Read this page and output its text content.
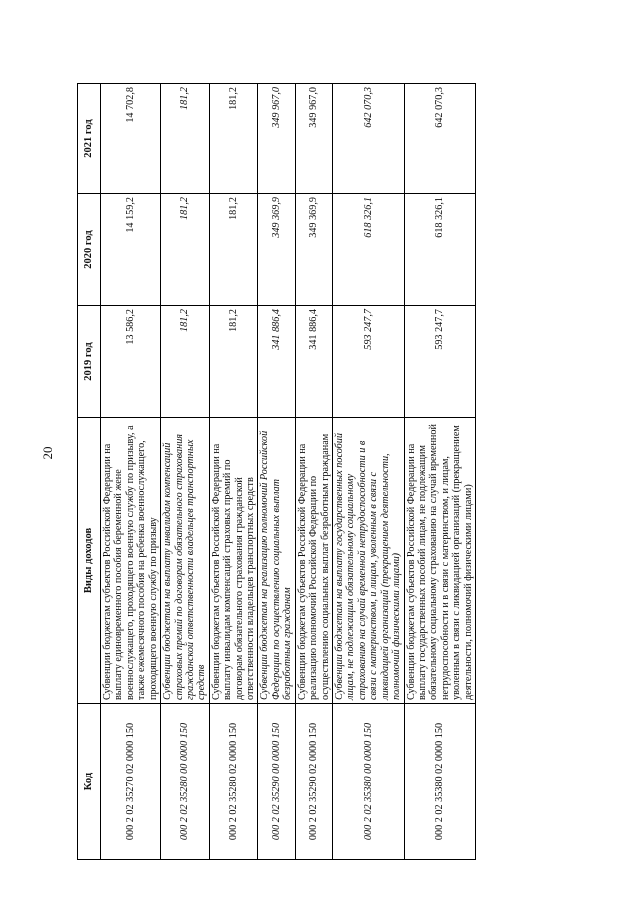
20
Код	Виды доходов	2019 год	2020 год	2021 год
000 2 02 35270 02 0000 150	Субвенции бюджетам субъектов Российской Федерации на выплату единовременного пособия беременной жене военнослужащего, проходящего военную службу по призыву, а также ежемесячного пособия на ребенка военнослужащего, проходящего военную службу по призыву	13 586,2	14 159,2	14 702,8
000 2 02 35280 00 0000 150	Субвенции бюджетам на выплату инвалидам компенсаций страховых премий по договорам обязательного страхования гражданской ответственности владельцев транспортных средств	181,2	181,2	181,2
000 2 02 35280 02 0000 150	Субвенции бюджетам субъектов Российской Федерации на выплату инвалидам компенсаций страховых премий по договорам обязательного страхования гражданской ответственности владельцев транспортных средств	181,2	181,2	181,2
000 2 02 35290 00 0000 150	Субвенции бюджетам на реализацию полномочий Российской Федерации по осуществлению социальных выплат безработным гражданам	341 886,4	349 369,9	349 967,0
000 2 02 35290 02 0000 150	Субвенции бюджетам субъектов Российской Федерации на реализацию полномочий Российской Федерации по осуществлению социальных выплат безработным гражданам	341 886,4	349 369,9	349 967,0
000 2 02 35380 00 0000 150	Субвенции бюджетам на выплату государственных пособий лицам, не подлежащим обязательному социальному страхованию на случай временной нетрудоспособности и в связи с материнством, и лицам, уволенным в связи с ликвидацией организаций (прекращением деятельности, полномочий физическими лицами)	593 247,7	618 326,1	642 070,3
000 2 02 35380 02 0000 150	Субвенции бюджетам субъектов Российской Федерации на выплату государственных пособий лицам, не подлежащим обязательному социальному страхованию на случай временной нетрудоспособности и в связи с материнством, и лицам, уволенным в связи с ликвидацией организаций (прекращением деятельности, полномочий физическими лицами)	593 247,7	618 326,1	642 070,3
